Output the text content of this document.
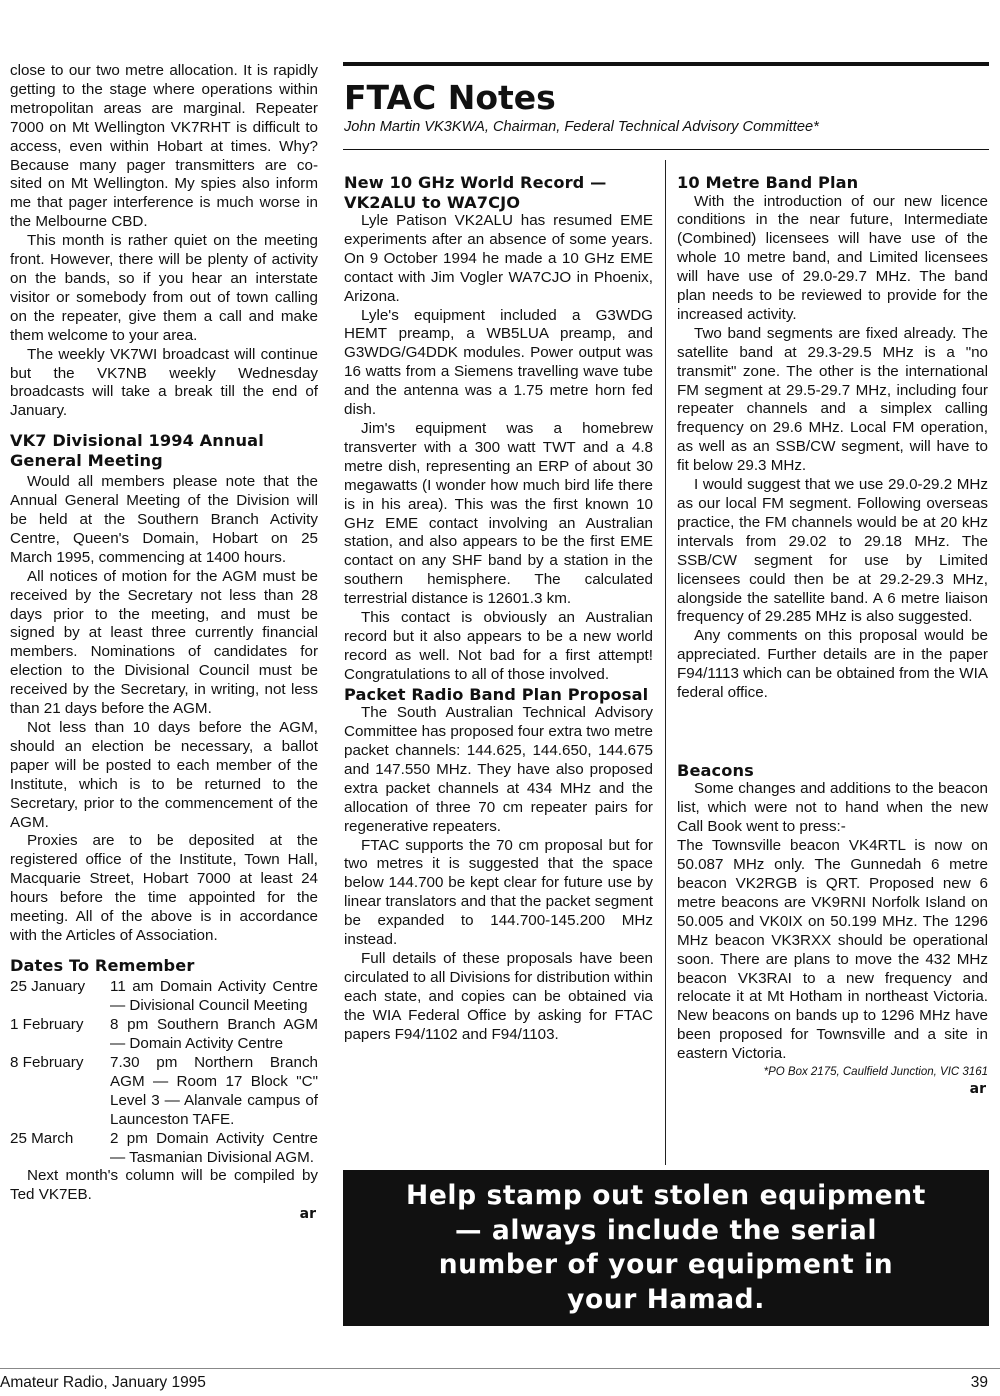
close to our two metre allocation. It is rapidly getting to the stage where operations within metropolitan areas are marginal. Repeater 7000 on Mt Wellington VK7RHT is difficult to access, even within Hobart at times. Why? Because many pager transmitters are co-sited on Mt Wellington. My spies also inform me that pager interference is much worse in the Melbourne CBD.

This month is rather quiet on the meeting front. However, there will be plenty of activity on the bands, so if you hear an interstate visitor or somebody from out of town calling on the repeater, give them a call and make them welcome to your area.

The weekly VK7WI broadcast will continue but the VK7NB weekly Wednesday broadcasts will take a break till the end of January.

VK7 Divisional 1994 Annual General Meeting

Would all members please note that the Annual General Meeting of the Division will be held at the Southern Branch Activity Centre, Queen's Domain, Hobart on 25 March 1995, commencing at 1400 hours.

All notices of motion for the AGM must be received by the Secretary not less than 28 days prior to the meeting, and must be signed by at least three currently financial members. Nominations of candidates for election to the Divisional Council must be received by the Secretary, in writing, not less than 21 days before the AGM.

Not less than 10 days before the AGM, should an election be necessary, a ballot paper will be posted to each member of the Institute, which is to be returned to the Secretary, prior to the commencement of the AGM.

Proxies are to be deposited at the registered office of the Institute, Town Hall, Macquarie Street, Hobart 7000 at least 24 hours before the time appointed for the meeting. All of the above is in accordance with the Articles of Association.

Dates To Remember
25 January	11 am Domain Activity Centre — Divisional Council Meeting
1 February	8 pm Southern Branch AGM — Domain Activity Centre
8 February	7.30 pm Northern Branch AGM — Room 17 Block "C" Level 3 — Alanvale campus of Launceston TAFE.
25 March	2 pm Domain Activity Centre — Tasmanian Divisional AGM.

Next month's column will be compiled by Ted VK7EB.

ar
FTAC Notes
John Martin VK3KWA, Chairman, Federal Technical Advisory Committee*
New 10 GHz World Record — VK2ALU to WA7CJO

Lyle Patison VK2ALU has resumed EME experiments after an absence of some years. On 9 October 1994 he made a 10 GHz EME contact with Jim Vogler WA7CJO in Phoenix, Arizona.

Lyle's equipment included a G3WDG HEMT preamp, a WB5LUA preamp, and G3WDG/G4DDK modules. Power output was 16 watts from a Siemens travelling wave tube and the antenna was a 1.75 metre horn fed dish.

Jim's equipment was a homebrew transverter with a 300 watt TWT and a 4.8 metre dish, representing an ERP of about 30 megawatts (I wonder how much bird life there is in his area). This was the first known 10 GHz EME contact involving an Australian station, and also appears to be the first EME contact on any SHF band by a station in the southern hemisphere. The calculated terrestrial distance is 12601.3 km.

This contact is obviously an Australian record but it also appears to be a new world record as well. Not bad for a first attempt! Congratulations to all of those involved.

Packet Radio Band Plan Proposal

The South Australian Technical Advisory Committee has proposed four extra two metre packet channels: 144.625, 144.650, 144.675 and 147.550 MHz. They have also proposed extra packet channels at 434 MHz and the allocation of three 70 cm repeater pairs for regenerative repeaters.

FTAC supports the 70 cm proposal but for two metres it is suggested that the space below 144.700 be kept clear for future use by linear translators and that the packet segment be expanded to 144.700-145.200 MHz instead.

Full details of these proposals have been circulated to all Divisions for distribution within each state, and copies can be obtained via the WIA Federal Office by asking for FTAC papers F94/1102 and F94/1103.

10 Metre Band Plan

With the introduction of our new licence conditions in the near future, Intermediate (Combined) licensees will have use of the whole 10 metre band, and Limited licensees will have use of 29.0-29.7 MHz. The band plan needs to be reviewed to provide for the increased activity.

Two band segments are fixed already. The satellite band at 29.3-29.5 MHz is a "no transmit" zone. The other is the international FM segment at 29.5-29.7 MHz, including four repeater channels and a simplex calling frequency on 29.6 MHz. Local FM operation, as well as an SSB/CW segment, will have to fit below 29.3 MHz.

I would suggest that we use 29.0-29.2 MHz as our local FM segment. Following overseas practice, the FM channels would be at 20 kHz intervals from 29.02 to 29.18 MHz. The SSB/CW segment for use by Limited licensees could then be at 29.2-29.3 MHz, alongside the satellite band. A 6 metre liaison frequency of 29.285 MHz is also suggested.

Any comments on this proposal would be appreciated. Further details are in the paper F94/1113 which can be obtained from the WIA federal office.

Beacons

Some changes and additions to the beacon list, which were not to hand when the new Call Book went to press:-

The Townsville beacon VK4RTL is now on 50.087 MHz only. The Gunnedah 6 metre beacon VK2RGB is QRT. Proposed new 6 metre beacons are VK9RNI Norfolk Island on 50.005 and VK0IX on 50.199 MHz. The 1296 MHz beacon VK3RXX should be operational soon. There are plans to move the 432 MHz beacon VK3RAI to a new frequency and relocate it at Mt Hotham in northeast Victoria. New beacons on bands up to 1296 MHz have been proposed for Townsville and a site in eastern Victoria.

*PO Box 2175, Caulfield Junction, VIC 3161
ar
Help stamp out stolen equipment
— always include the serial
number of your equipment in
your Hamad.
Amateur Radio, January 1995	39
